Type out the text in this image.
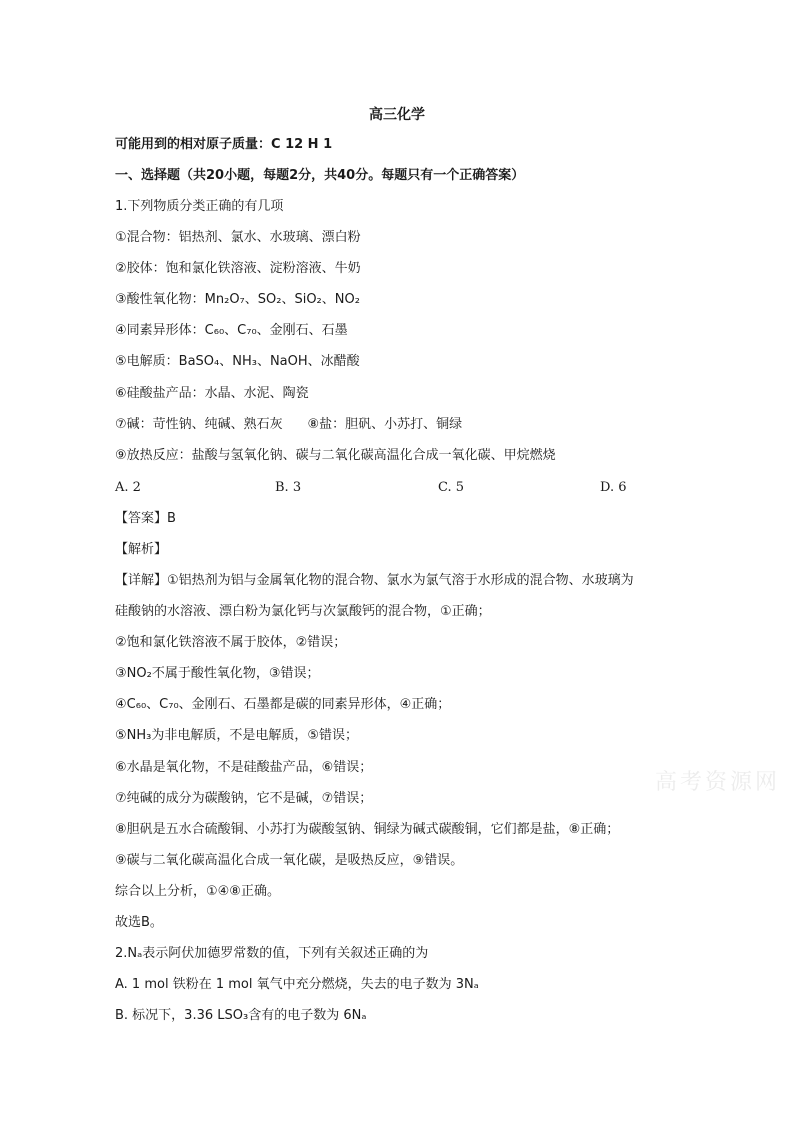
高三化学
可能用到的相对原子质量：C 12 H 1
一、选择题（共20小题，每题2分，共40分。每题只有一个正确答案）
1.下列物质分类正确的有几项
①混合物：铝热剂、氯水、水玻璃、漂白粉
②胶体：饱和氯化铁溶液、淀粉溶液、牛奶
③酸性氧化物：Mn₂O₇、SO₂、SiO₂、NO₂
④同素异形体：C₆₀、C₇₀、金刚石、石墨
⑤电解质：BaSO₄、NH₃、NaOH、冰醋酸
⑥硅酸盐产品：水晶、水泥、陶瓷
⑦碱：苛性钠、纯碱、熟石灰      ⑧盐：胆矾、小苏打、铜绿
⑨放热反应：盐酸与氢氧化钠、碳与二氧化碳高温化合成一氧化碳、甲烷燃烧
A. 2	B. 3	C. 5	D. 6
【答案】B
【解析】
【详解】①铝热剂为铝与金属氧化物的混合物、氯水为氯气溶于水形成的混合物、水玻璃为
硅酸钠的水溶液、漂白粉为氯化钙与次氯酸钙的混合物，①正确；
②饱和氯化铁溶液不属于胶体，②错误；
③NO₂不属于酸性氧化物，③错误；
④C₆₀、C₇₀、金刚石、石墨都是碳的同素异形体，④正确；
⑤NH₃为非电解质，不是电解质，⑤错误；
⑥水晶是氧化物，不是硅酸盐产品，⑥错误；
⑦纯碱的成分为碳酸钠，它不是碱，⑦错误；
⑧胆矾是五水合硫酸铜、小苏打为碳酸氢钠、铜绿为碱式碳酸铜，它们都是盐，⑧正确；
⑨碳与二氧化碳高温化合成一氧化碳，是吸热反应，⑨错误。
综合以上分析，①④⑧正确。
故选B。
2.Nₐ表示阿伏加德罗常数的值，下列有关叙述正确的为
A. 1 mol 铁粉在 1 mol 氧气中充分燃烧，失去的电子数为 3Nₐ
B. 标况下，3.36 LSO₃含有的电子数为 6Nₐ
高考资源网
